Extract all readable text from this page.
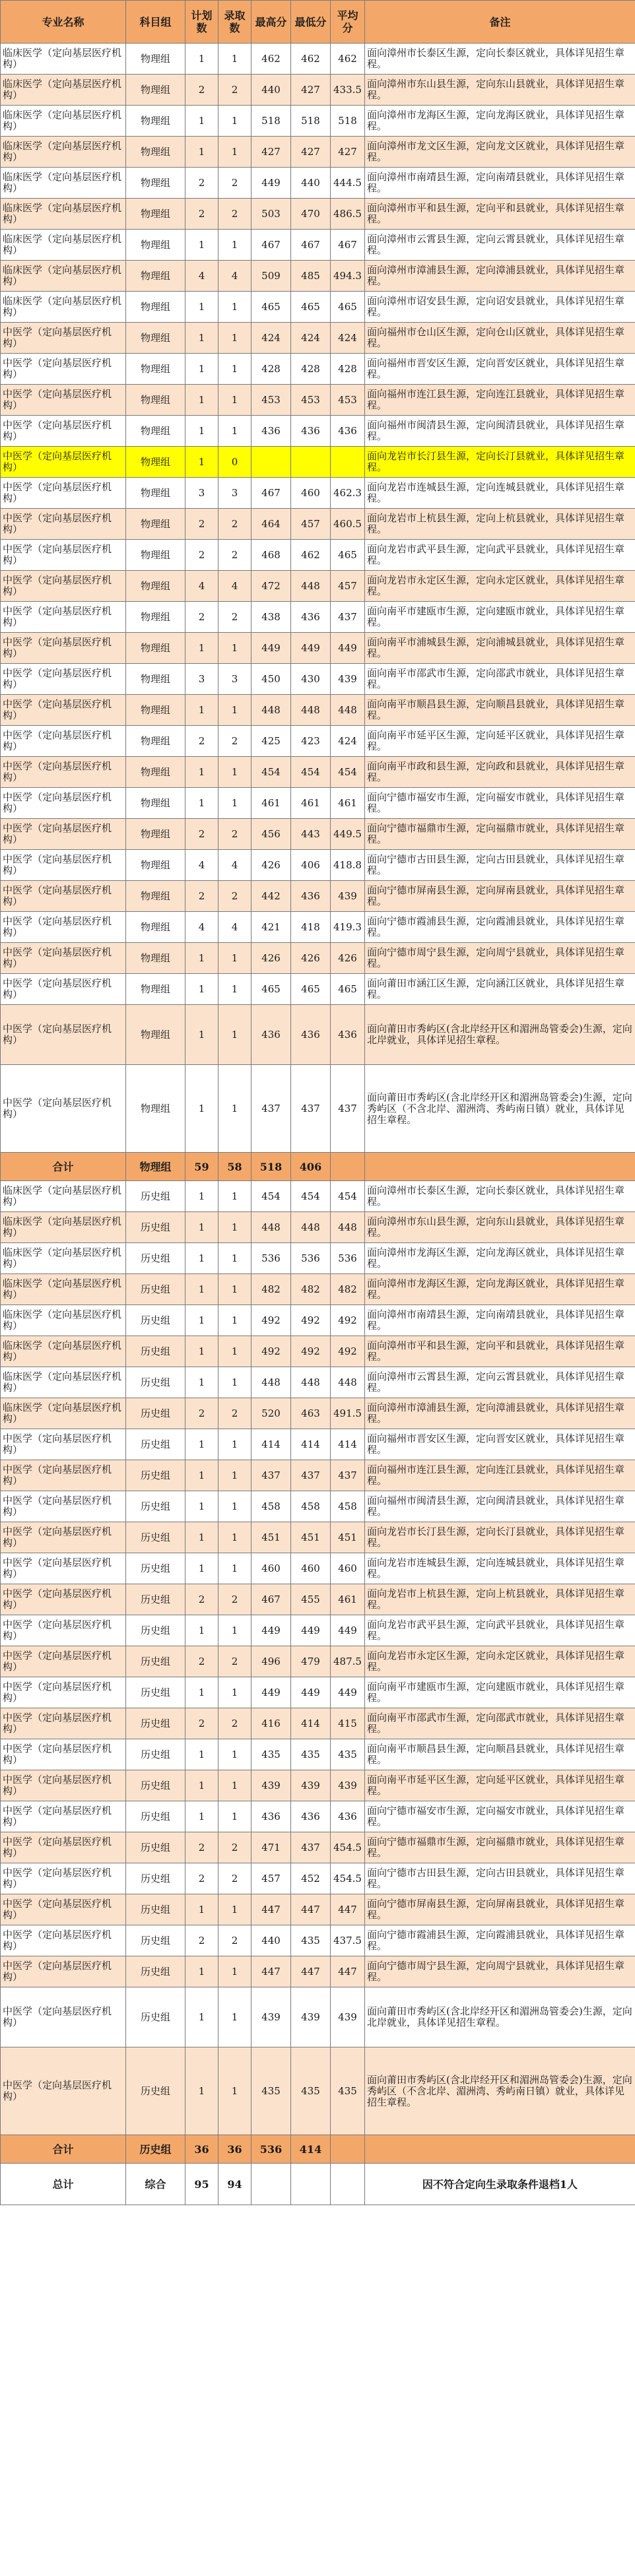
专业名称	科目组	计划数	录取数	最高分	最低分	平均分	备注
临床医学（定向基层医疗机构）	物理组	1	1	462	462	462	面向漳州市长泰区生源，定向长泰区就业，具体详见招生章程。
临床医学（定向基层医疗机构）	物理组	2	2	440	427	433.5	面向漳州市东山县生源，定向东山县就业，具体详见招生章程。
临床医学（定向基层医疗机构）	物理组	1	1	518	518	518	面向漳州市龙海区生源，定向龙海区就业，具体详见招生章程。
临床医学（定向基层医疗机构）	物理组	1	1	427	427	427	面向漳州市龙文区生源，定向龙文区就业，具体详见招生章程。
临床医学（定向基层医疗机构）	物理组	2	2	449	440	444.5	面向漳州市南靖县生源，定向南靖县就业，具体详见招生章程。
临床医学（定向基层医疗机构）	物理组	2	2	503	470	486.5	面向漳州市平和县生源，定向平和县就业，具体详见招生章程。
临床医学（定向基层医疗机构）	物理组	1	1	467	467	467	面向漳州市云霄县生源，定向云霄县就业，具体详见招生章程。
临床医学（定向基层医疗机构）	物理组	4	4	509	485	494.3	面向漳州市漳浦县生源，定向漳浦县就业，具体详见招生章程。
临床医学（定向基层医疗机构）	物理组	1	1	465	465	465	面向漳州市诏安县生源，定向诏安县就业，具体详见招生章程。
中医学（定向基层医疗机构）	物理组	1	1	424	424	424	面向福州市仓山区生源，定向仓山区就业，具体详见招生章程。
中医学（定向基层医疗机构）	物理组	1	1	428	428	428	面向福州市晋安区生源，定向晋安区就业，具体详见招生章程。
中医学（定向基层医疗机构）	物理组	1	1	453	453	453	面向福州市连江县生源，定向连江县就业，具体详见招生章程。
中医学（定向基层医疗机构）	物理组	1	1	436	436	436	面向福州市闽清县生源，定向闽清县就业，具体详见招生章程。
中医学（定向基层医疗机构）	物理组	1	0				面向龙岩市长汀县生源，定向长汀县就业，具体详见招生章程。
中医学（定向基层医疗机构）	物理组	3	3	467	460	462.3	面向龙岩市连城县生源，定向连城县就业，具体详见招生章程。
中医学（定向基层医疗机构）	物理组	2	2	464	457	460.5	面向龙岩市上杭县生源，定向上杭县就业，具体详见招生章程。
中医学（定向基层医疗机构）	物理组	2	2	468	462	465	面向龙岩市武平县生源，定向武平县就业，具体详见招生章程。
中医学（定向基层医疗机构）	物理组	4	4	472	448	457	面向龙岩市永定区生源，定向永定区就业，具体详见招生章程。
中医学（定向基层医疗机构）	物理组	2	2	438	436	437	面向南平市建瓯市生源，定向建瓯市就业，具体详见招生章程。
中医学（定向基层医疗机构）	物理组	1	1	449	449	449	面向南平市浦城县生源，定向浦城县就业，具体详见招生章程。
中医学（定向基层医疗机构）	物理组	3	3	450	430	439	面向南平市邵武市生源，定向邵武市就业，具体详见招生章程。
中医学（定向基层医疗机构）	物理组	1	1	448	448	448	面向南平市顺昌县生源，定向顺昌县就业，具体详见招生章程。
中医学（定向基层医疗机构）	物理组	2	2	425	423	424	面向南平市延平区生源，定向延平区就业，具体详见招生章程。
中医学（定向基层医疗机构）	物理组	1	1	454	454	454	面向南平市政和县生源，定向政和县就业，具体详见招生章程。
中医学（定向基层医疗机构）	物理组	1	1	461	461	461	面向宁德市福安市生源，定向福安市就业，具体详见招生章程。
中医学（定向基层医疗机构）	物理组	2	2	456	443	449.5	面向宁德市福鼎市生源，定向福鼎市就业，具体详见招生章程。
中医学（定向基层医疗机构）	物理组	4	4	426	406	418.8	面向宁德市古田县生源，定向古田县就业，具体详见招生章程。
中医学（定向基层医疗机构）	物理组	2	2	442	436	439	面向宁德市屏南县生源，定向屏南县就业，具体详见招生章程。
中医学（定向基层医疗机构）	物理组	4	4	421	418	419.3	面向宁德市霞浦县生源，定向霞浦县就业，具体详见招生章程。
中医学（定向基层医疗机构）	物理组	1	1	426	426	426	面向宁德市周宁县生源，定向周宁县就业，具体详见招生章程。
中医学（定向基层医疗机构）	物理组	1	1	465	465	465	面向莆田市涵江区生源，定向涵江区就业，具体详见招生章程。
中医学（定向基层医疗机构）	物理组	1	1	436	436	436	面向莆田市秀屿区(含北岸经开区和湄洲岛管委会)生源，定向北岸就业，具体详见招生章程。
中医学（定向基层医疗机构）	物理组	1	1	437	437	437	面向莆田市秀屿区(含北岸经开区和湄洲岛管委会)生源，定向秀屿区（不含北岸、湄洲湾、秀屿南日镇）就业，具体详见招生章程。
合计	物理组	59	58	518	406		
临床医学（定向基层医疗机构）	历史组	1	1	454	454	454	面向漳州市长泰区生源，定向长泰区就业，具体详见招生章程。
临床医学（定向基层医疗机构）	历史组	1	1	448	448	448	面向漳州市东山县生源，定向东山县就业，具体详见招生章程。
临床医学（定向基层医疗机构）	历史组	1	1	536	536	536	面向漳州市龙海区生源，定向龙海区就业，具体详见招生章程。
临床医学（定向基层医疗机构）	历史组	1	1	482	482	482	面向漳州市龙海区生源，定向龙海区就业，具体详见招生章程。
临床医学（定向基层医疗机构）	历史组	1	1	492	492	492	面向漳州市南靖县生源，定向南靖县就业，具体详见招生章程。
临床医学（定向基层医疗机构）	历史组	1	1	492	492	492	面向漳州市平和县生源，定向平和县就业，具体详见招生章程。
临床医学（定向基层医疗机构）	历史组	1	1	448	448	448	面向漳州市云霄县生源，定向云霄县就业，具体详见招生章程。
临床医学（定向基层医疗机构）	历史组	2	2	520	463	491.5	面向漳州市漳浦县生源，定向漳浦县就业，具体详见招生章程。
中医学（定向基层医疗机构）	历史组	1	1	414	414	414	面向福州市晋安区生源，定向晋安区就业，具体详见招生章程。
中医学（定向基层医疗机构）	历史组	1	1	437	437	437	面向福州市连江县生源，定向连江县就业，具体详见招生章程。
中医学（定向基层医疗机构）	历史组	1	1	458	458	458	面向福州市闽清县生源，定向闽清县就业，具体详见招生章程。
中医学（定向基层医疗机构）	历史组	1	1	451	451	451	面向龙岩市长汀县生源，定向长汀县就业，具体详见招生章程。
中医学（定向基层医疗机构）	历史组	1	1	460	460	460	面向龙岩市连城县生源，定向连城县就业，具体详见招生章程。
中医学（定向基层医疗机构）	历史组	2	2	467	455	461	面向龙岩市上杭县生源，定向上杭县就业，具体详见招生章程。
中医学（定向基层医疗机构）	历史组	1	1	449	449	449	面向龙岩市武平县生源，定向武平县就业，具体详见招生章程。
中医学（定向基层医疗机构）	历史组	2	2	496	479	487.5	面向龙岩市永定区生源，定向永定区就业，具体详见招生章程。
中医学（定向基层医疗机构）	历史组	1	1	449	449	449	面向南平市建瓯市生源，定向建瓯市就业，具体详见招生章程。
中医学（定向基层医疗机构）	历史组	2	2	416	414	415	面向南平市邵武市生源，定向邵武市就业，具体详见招生章程。
中医学（定向基层医疗机构）	历史组	1	1	435	435	435	面向南平市顺昌县生源，定向顺昌县就业，具体详见招生章程。
中医学（定向基层医疗机构）	历史组	1	1	439	439	439	面向南平市延平区生源，定向延平区就业，具体详见招生章程。
中医学（定向基层医疗机构）	历史组	1	1	436	436	436	面向宁德市福安市生源，定向福安市就业，具体详见招生章程。
中医学（定向基层医疗机构）	历史组	2	2	471	437	454.5	面向宁德市福鼎市生源，定向福鼎市就业，具体详见招生章程。
中医学（定向基层医疗机构）	历史组	2	2	457	452	454.5	面向宁德市古田县生源，定向古田县就业，具体详见招生章程。
中医学（定向基层医疗机构）	历史组	1	1	447	447	447	面向宁德市屏南县生源，定向屏南县就业，具体详见招生章程。
中医学（定向基层医疗机构）	历史组	2	2	440	435	437.5	面向宁德市霞浦县生源，定向霞浦县就业，具体详见招生章程。
中医学（定向基层医疗机构）	历史组	1	1	447	447	447	面向宁德市周宁县生源，定向周宁县就业，具体详见招生章程。
中医学（定向基层医疗机构）	历史组	1	1	439	439	439	面向莆田市秀屿区(含北岸经开区和湄洲岛管委会)生源，定向北岸就业，具体详见招生章程。
中医学（定向基层医疗机构）	历史组	1	1	435	435	435	面向莆田市秀屿区(含北岸经开区和湄洲岛管委会)生源，定向秀屿区（不含北岸、湄洲湾、秀屿南日镇）就业，具体详见招生章程。
合计	历史组	36	36	536	414		
总计	综合	95	94				因不符合定向生录取条件退档1人
